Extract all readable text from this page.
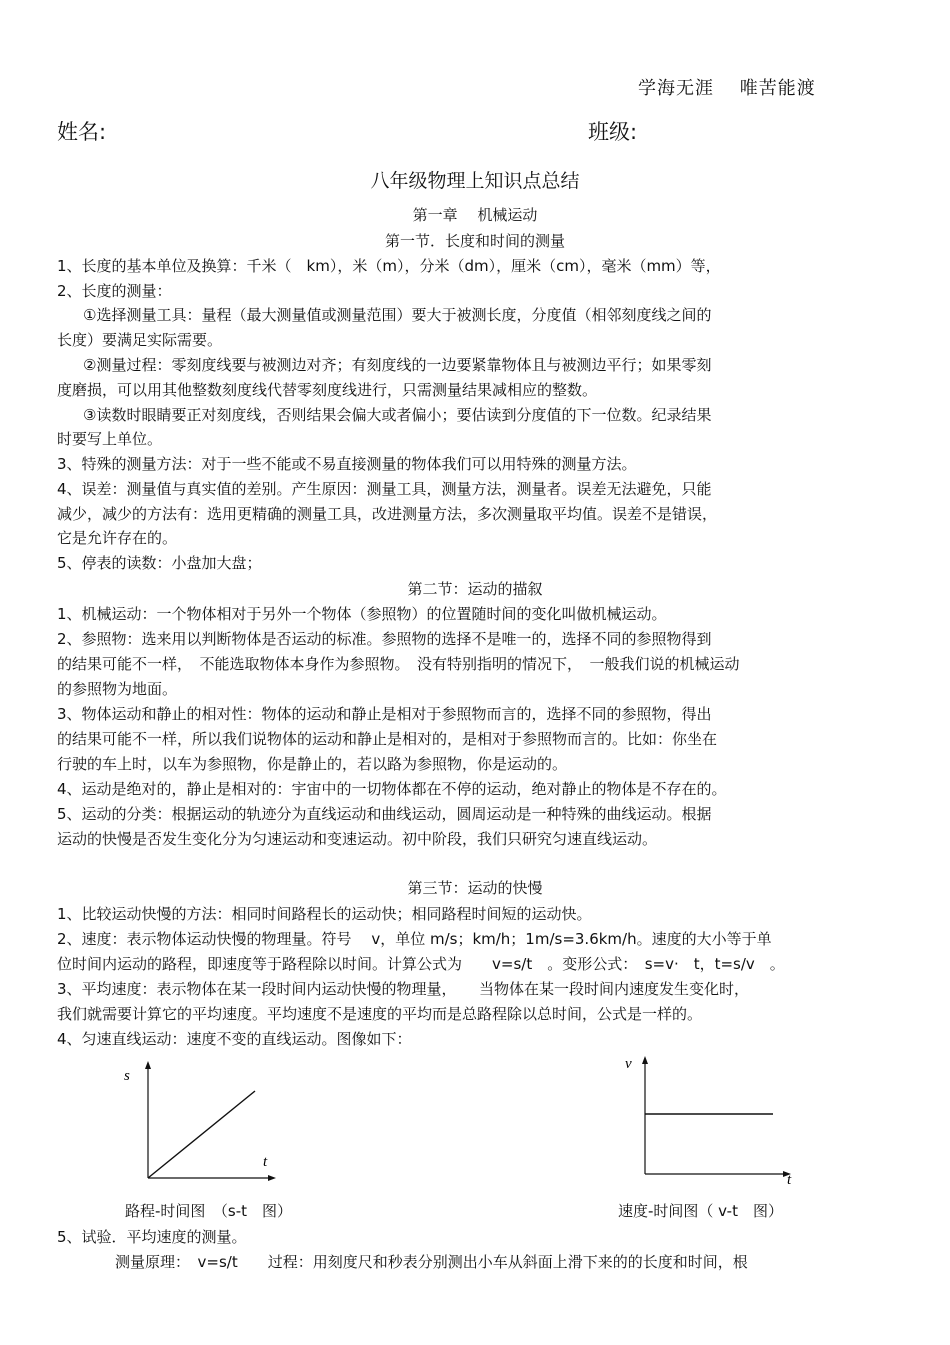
学海无涯　 唯苦能渡
姓名:	班级:
八年级物理上知识点总结
第一章　 机械运动
第一节．长度和时间的测量
1、长度的基本单位及换算：千米（　km），米（m），分米（dm），厘米（cm），毫米（mm）等，
2、长度的测量：
①选择测量工具：量程（最大测量值或测量范围）要大于被测长度，分度值（相邻刻度线之间的
长度）要满足实际需要。
②测量过程：零刻度线要与被测边对齐；有刻度线的一边要紧靠物体且与被测边平行；如果零刻
度磨损，可以用其他整数刻度线代替零刻度线进行，只需测量结果减相应的整数。
③读数时眼睛要正对刻度线，否则结果会偏大或者偏小；要估读到分度值的下一位数。纪录结果
时要写上单位。
3、特殊的测量方法：对于一些不能或不易直接测量的物体我们可以用特殊的测量方法。
4、误差：测量值与真实值的差别。产生原因：测量工具，测量方法，测量者。误差无法避免，只能
减少，减少的方法有：选用更精确的测量工具，改进测量方法，多次测量取平均值。误差不是错误，
它是允许存在的。
5、停表的读数：小盘加大盘；
第二节：运动的描叙
1、机械运动：一个物体相对于另外一个物体（参照物）的位置随时间的变化叫做机械运动。
2、参照物：选来用以判断物体是否运动的标准。参照物的选择不是唯一的，选择不同的参照物得到
的结果可能不一样，　不能选取物体本身作为参照物。　没有特别指明的情况下，　一般我们说的机械运动
的参照物为地面。
3、物体运动和静止的相对性：物体的运动和静止是相对于参照物而言的，选择不同的参照物，得出
的结果可能不一样，所以我们说物体的运动和静止是相对的，是相对于参照物而言的。比如：你坐在
行驶的车上时，以车为参照物，你是静止的，若以路为参照物，你是运动的。
4、运动是绝对的，静止是相对的：宇宙中的一切物体都在不停的运动，绝对静止的物体是不存在的。
5、运动的分类：根据运动的轨迹分为直线运动和曲线运动，圆周运动是一种特殊的曲线运动。根据
运动的快慢是否发生变化分为匀速运动和变速运动。初中阶段，我们只研究匀速直线运动。
第三节：运动的快慢
1、比较运动快慢的方法：相同时间路程长的运动快；相同路程时间短的运动快。
2、速度：表示物体运动快慢的物理量。符号　 v，单位 m/s；km/h；1m/s=3.6km/h。速度的大小等于单
位时间内运动的路程，即速度等于路程除以时间。计算公式为　　v=s/t　。变形公式：　s=v·　t，t=s/v　。
3、平均速度：表示物体在某一段时间内运动快慢的物理量，　　当物体在某一段时间内速度发生变化时，
我们就需要计算它的平均速度。平均速度不是速度的平均而是总路程除以总时间，公式是一样的。
4、匀速直线运动：速度不变的直线运动。图像如下：
s
t
路程-时间图　（s-t　图）
v
t
速度-时间图（ v-t　图）
5、试验．平均速度的测量。
测量原理：　v=s/t　　过程：用刻度尺和秒表分别测出小车从斜面上滑下来的的长度和时间，根
